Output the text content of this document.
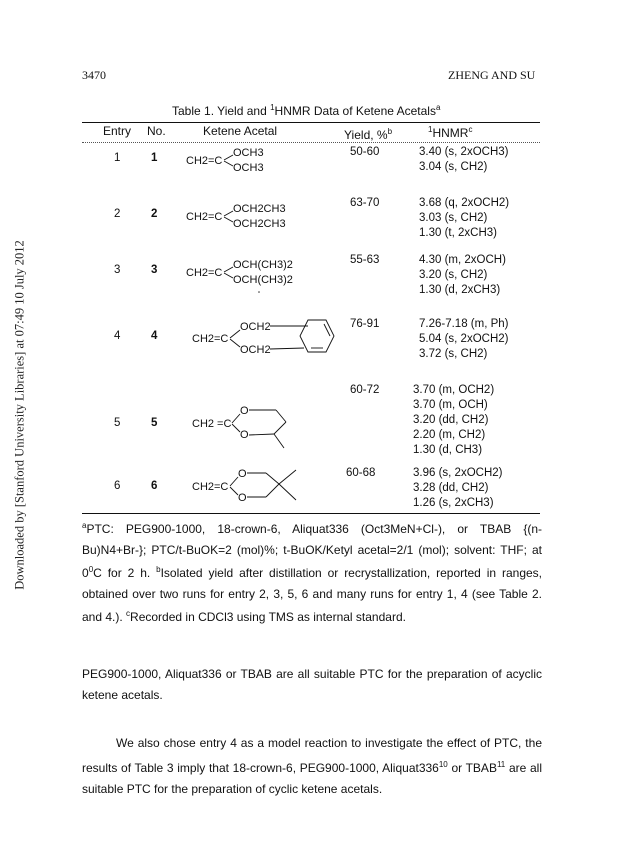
3470	ZHENG AND SU
Downloaded by [Stanford University Libraries] at 07:49 10 July 2012
Table 1. Yield and $^1$HNMR Data of Ketene Acetals$^a$
Entry No.	Ketene Acetal	Yield, %$^b$	$^1$HNMR$^c$
1	1	CH2=C
OCH3
OCH3
50-60	3.40 (s, 2xOCH3)
3.04 (s, CH2)
2	2	CH2=C
OCH2CH3
OCH2CH3
63-70	3.68 (q, 2xOCH2)
3.03 (s, CH2)
1.30 (t, 2xCH3)
3	3	CH2=C
OCH(CH3)2
OCH(CH3)2
55-63	4.30 (m, 2xOCH)
3.20 (s, CH2)
1.30 (d, 2xCH3)
4	4	CH2=C
OCH2
OCH2
76-91	7.26-7.18 (m, Ph)
5.04 (s, 2xOCH2)
3.72 (s, CH2)
5	5	CH2 =C
O
O
60-72	3.70 (m, OCH2)
3.70 (m, OCH)
3.20 (dd, CH2)
2.20 (m, CH2)
1.30 (d, CH3)
6	6	CH2=C
O
O
60-68	3.96 (s, 2xOCH2)
3.28 (dd, CH2)
1.26 (s, 2xCH3)
$^a$PTC: PEG900-1000, 18-crown-6, Aliquat336 (Oct3MeN+Cl-), or TBAB {(n-Bu)N4+Br-}; PTC/t-BuOK=2 (mol)%; t-BuOK/Ketyl acetal=2/1 (mol); solvent: THF; at $0^0C$ for 2 h. $^b$Isolated yield after distillation or recrystallization, reported in ranges, obtained over two runs for entry 2, 3, 5, 6 and many runs for entry 1, 4 (see Table 2. and 4.). $^c$Recorded in CDCl3 using TMS as internal standard.
PEG900-1000, Aliquat336 or TBAB are all suitable PTC for the preparation of acyclic ketene acetals.
We also chose entry 4 as a model reaction to investigate the effect of PTC, the results of Table 3 imply that 18-crown-6, PEG900-1000, $Aliquat336^{10}$ or TBAB$^{11}$ are all suitable PTC for the preparation of cyclic ketene acetals.
